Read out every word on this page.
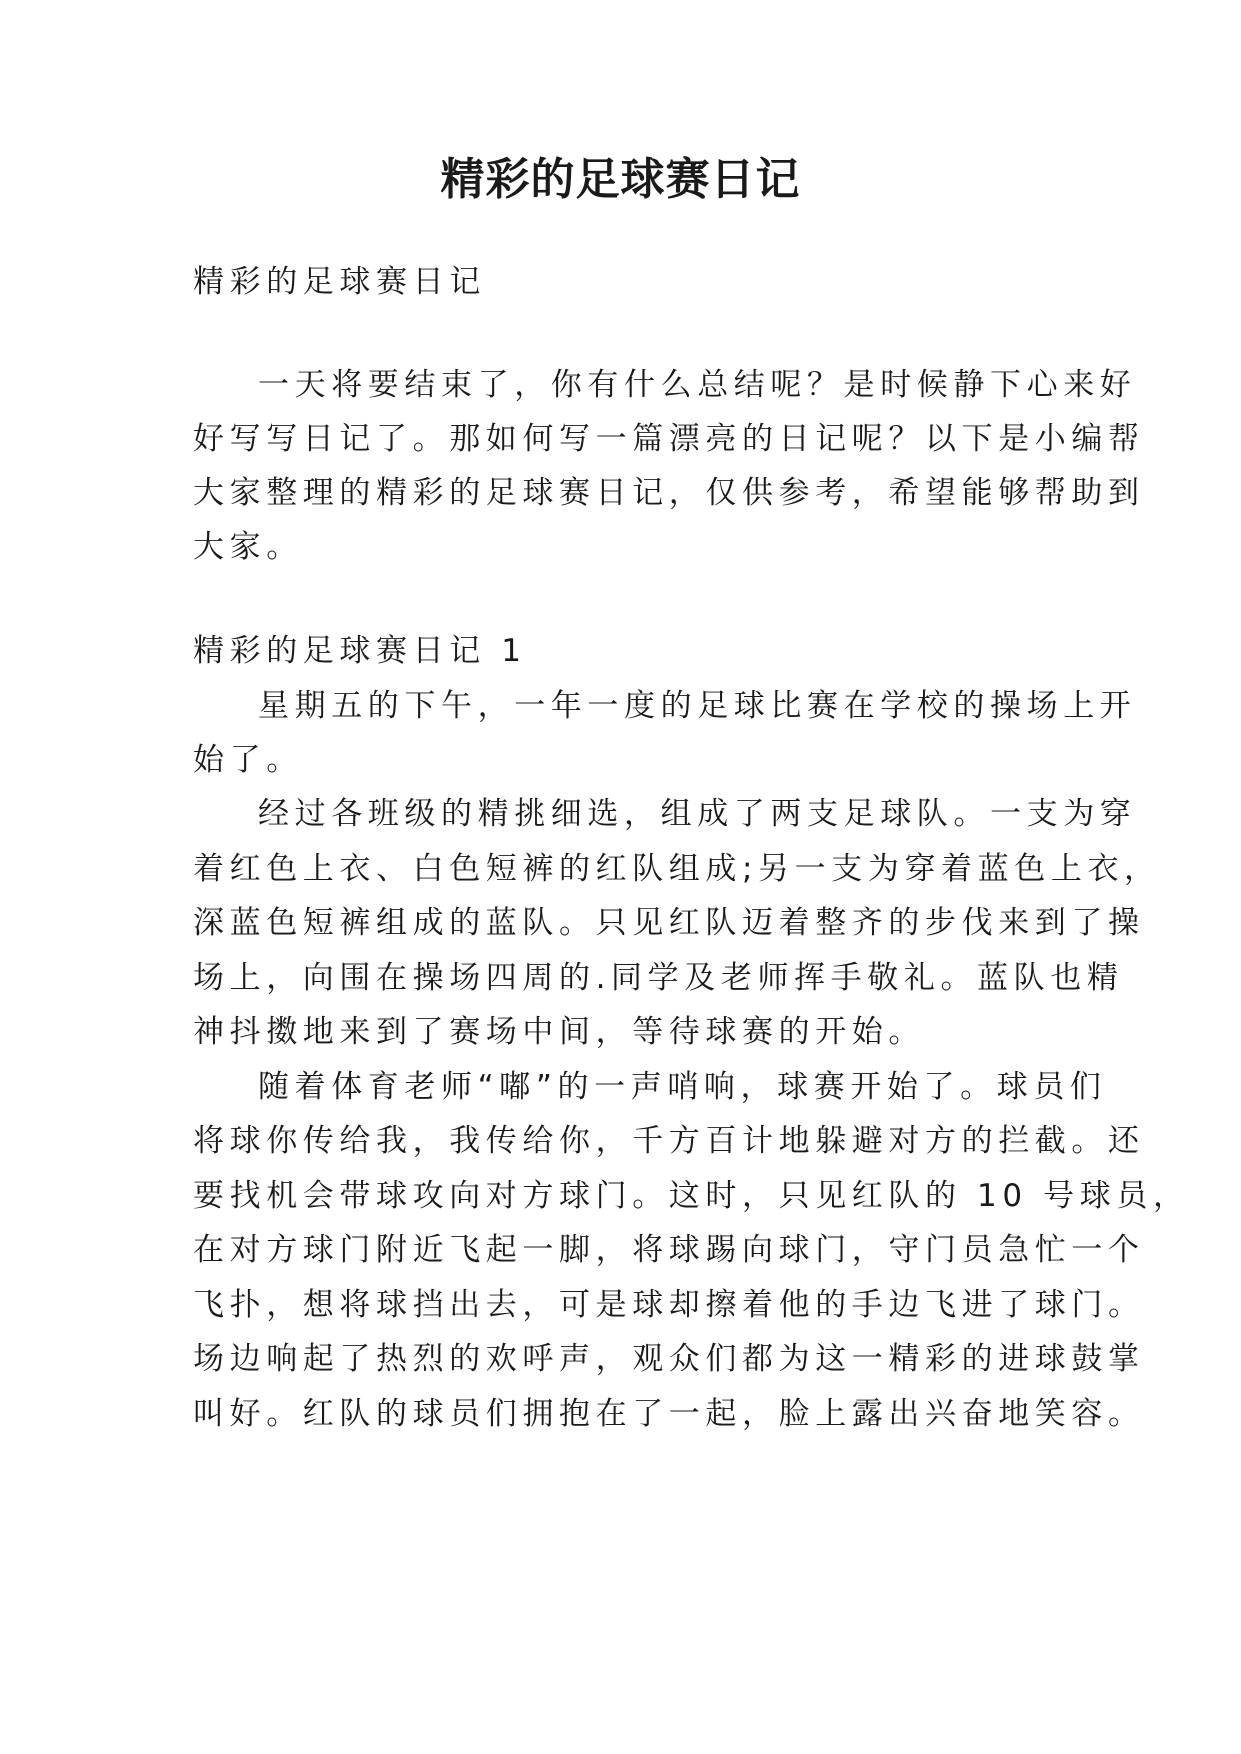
精彩的足球赛日记
精彩的足球赛日记
一天将要结束了，你有什么总结呢？是时候静下心来好
好写写日记了。那如何写一篇漂亮的日记呢？以下是小编帮
大家整理的精彩的足球赛日记，仅供参考，希望能够帮助到
大家。
精彩的足球赛日记 1
星期五的下午，一年一度的足球比赛在学校的操场上开
始了。
经过各班级的精挑细选，组成了两支足球队。一支为穿
着红色上衣、白色短裤的红队组成;另一支为穿着蓝色上衣，
深蓝色短裤组成的蓝队。只见红队迈着整齐的步伐来到了操
场上，向围在操场四周的.同学及老师挥手敬礼。蓝队也精
神抖擞地来到了赛场中间，等待球赛的开始。
随着体育老师“嘟”的一声哨响，球赛开始了。球员们
将球你传给我，我传给你，千方百计地躲避对方的拦截。还
要找机会带球攻向对方球门。这时，只见红队的 10 号球员，
在对方球门附近飞起一脚，将球踢向球门，守门员急忙一个
飞扑，想将球挡出去，可是球却擦着他的手边飞进了球门。
场边响起了热烈的欢呼声，观众们都为这一精彩的进球鼓掌
叫好。红队的球员们拥抱在了一起，脸上露出兴奋地笑容。
